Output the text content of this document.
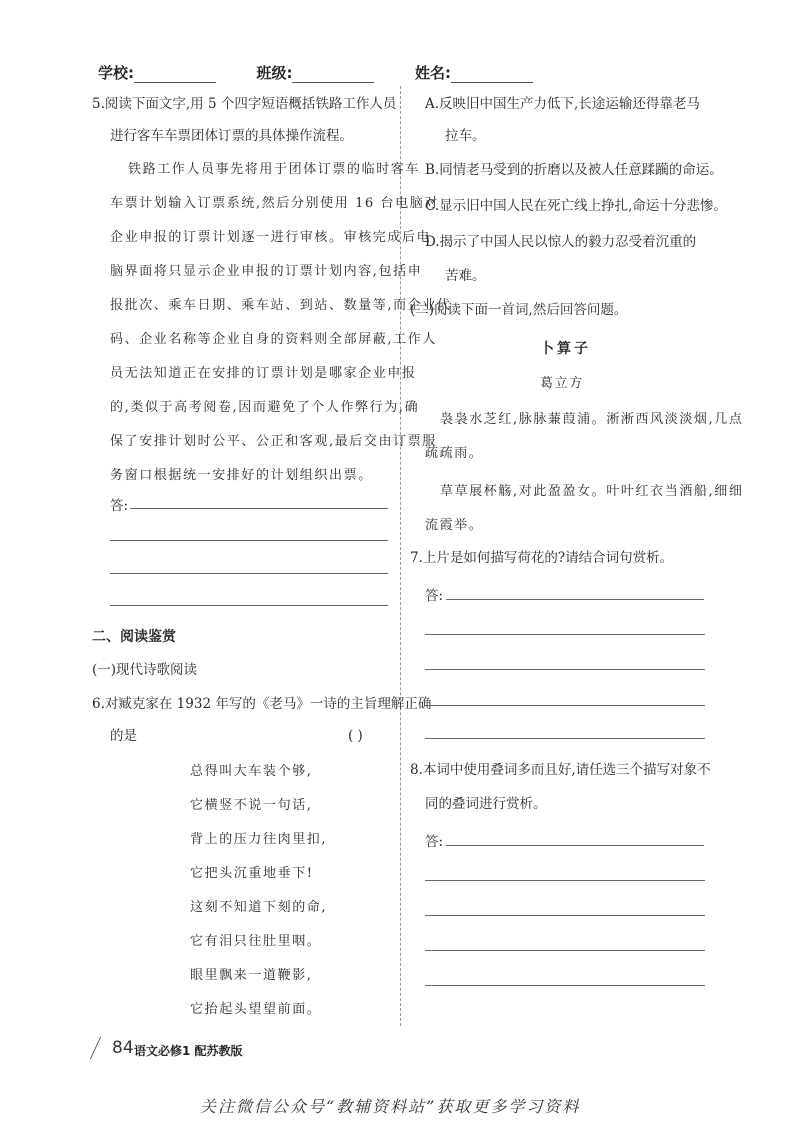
学校:	班级:	姓名:
5.阅读下面文字,用 5 个四字短语概括铁路工作人员
进行客车车票团体订票的具体操作流程。
铁路工作人员事先将用于团体订票的临时客车
车票计划输入订票系统,然后分别使用 16 台电脑对
企业申报的订票计划逐一进行审核。审核完成后电
脑界面将只显示企业申报的订票计划内容,包括申
报批次、乘车日期、乘车站、到站、数量等,而企业代
码、企业名称等企业自身的资料则全部屏蔽,工作人
员无法知道正在安排的订票计划是哪家企业申报
的,类似于高考阅卷,因而避免了个人作弊行为,确
保了安排计划时公平、公正和客观,最后交由订票服
务窗口根据统一安排好的计划组织出票。
答:
二、阅读鉴赏
(一)现代诗歌阅读
6.对臧克家在 1932 年写的《老马》一诗的主旨理解正确
的是	( )
总得叫大车装个够,
它横竖不说一句话,
背上的压力往肉里扣,
它把头沉重地垂下!
这刻不知道下刻的命,
它有泪只往肚里咽。
眼里飘来一道鞭影,
它抬起头望望前面。
A.反映旧中国生产力低下,长途运输还得靠老马
拉车。
B.同情老马受到的折磨以及被人任意蹂躏的命运。
C.显示旧中国人民在死亡线上挣扎,命运十分悲惨。
D.揭示了中国人民以惊人的毅力忍受着沉重的
苦难。
(二)阅读下面一首词,然后回答问题。
卜算子
葛立方
袅袅水芝红,脉脉蒹葭浦。淅淅西风淡淡烟,几点
疏疏雨。
草草展杯觞,对此盈盈女。叶叶红衣当酒船,细细
流霞举。
7.上片是如何描写荷花的?请结合词句赏析。
答:
8.本词中使用叠词多而且好,请任选三个描写对象不
同的叠词进行赏析。
答:
84 语文必修1 配苏教版
关注微信公众号“教辅资料站”获取更多学习资料
